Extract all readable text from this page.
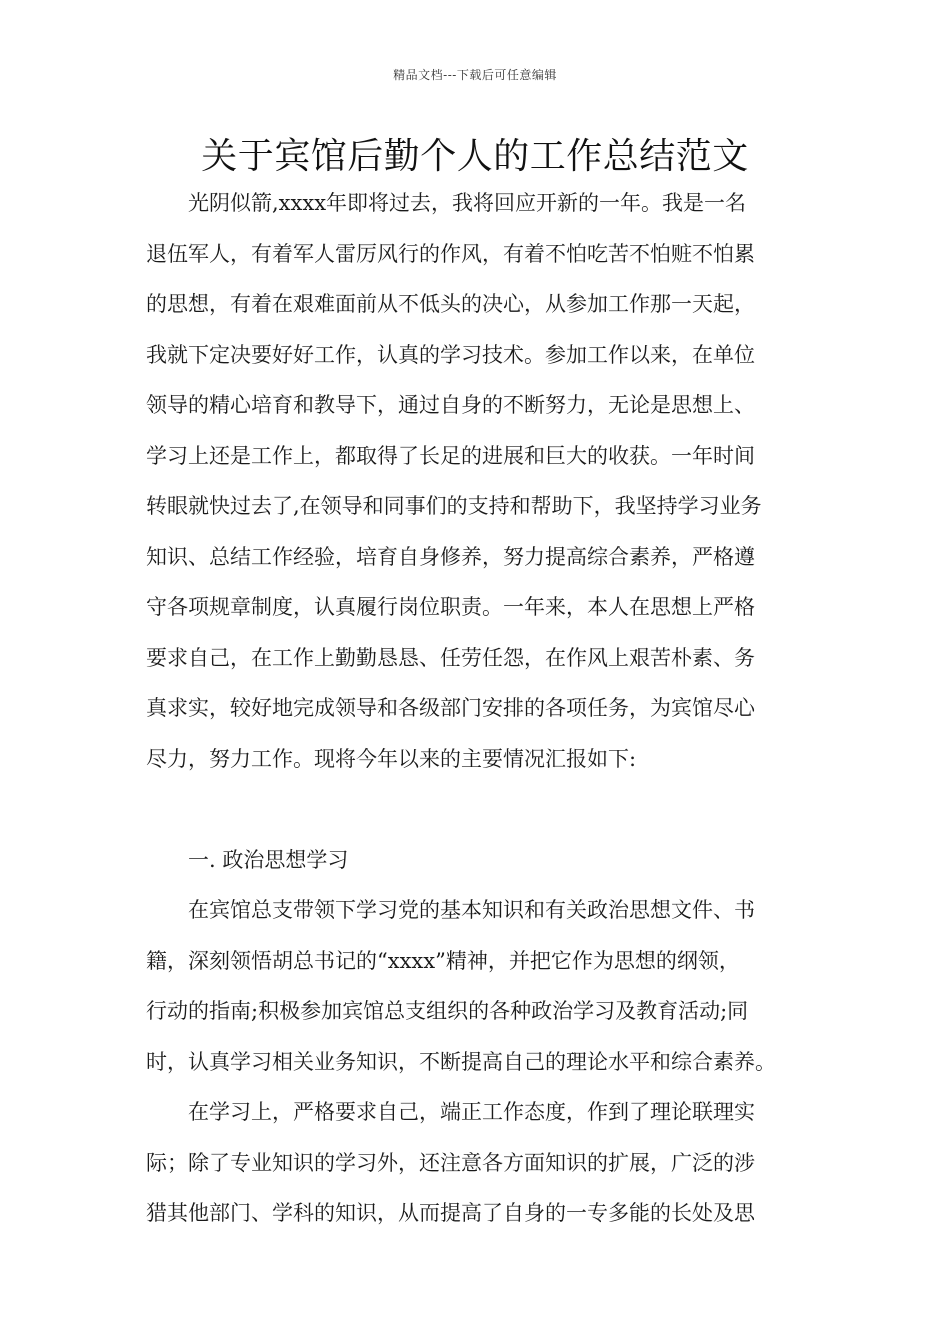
精品文档---下载后可任意编辑
关于宾馆后勤个人的工作总结范文
光阴似箭,xxxx年即将过去，我将回应开新的一年。我是一名
退伍军人，有着军人雷厉风行的作风，有着不怕吃苦不怕赃不怕累
的思想，有着在艰难面前从不低头的决心，从参加工作那一天起，
我就下定决要好好工作，认真的学习技术。参加工作以来，在单位
领导的精心培育和教导下，通过自身的不断努力，无论是思想上、
学习上还是工作上，都取得了长足的进展和巨大的收获。一年时间
转眼就快过去了,在领导和同事们的支持和帮助下，我坚持学习业务
知识、总结工作经验，培育自身修养，努力提高综合素养，严格遵
守各项规章制度，认真履行岗位职责。一年来，本人在思想上严格
要求自己，在工作上勤勤恳恳、任劳任怨，在作风上艰苦朴素、务
真求实，较好地完成领导和各级部门安排的各项任务，为宾馆尽心
尽力，努力工作。现将今年以来的主要情况汇报如下:
一. 政治思想学习
在宾馆总支带领下学习党的基本知识和有关政治思想文件、书
籍，深刻领悟胡总书记的“xxxx”精神，并把它作为思想的纲领，
行动的指南;积极参加宾馆总支组织的各种政治学习及教育活动;同
时，认真学习相关业务知识，不断提高自己的理论水平和综合素养。
在学习上，严格要求自己，端正工作态度，作到了理论联理实
际；除了专业知识的学习外，还注意各方面知识的扩展，广泛的涉
猎其他部门、学科的知识，从而提高了自身的一专多能的长处及思
